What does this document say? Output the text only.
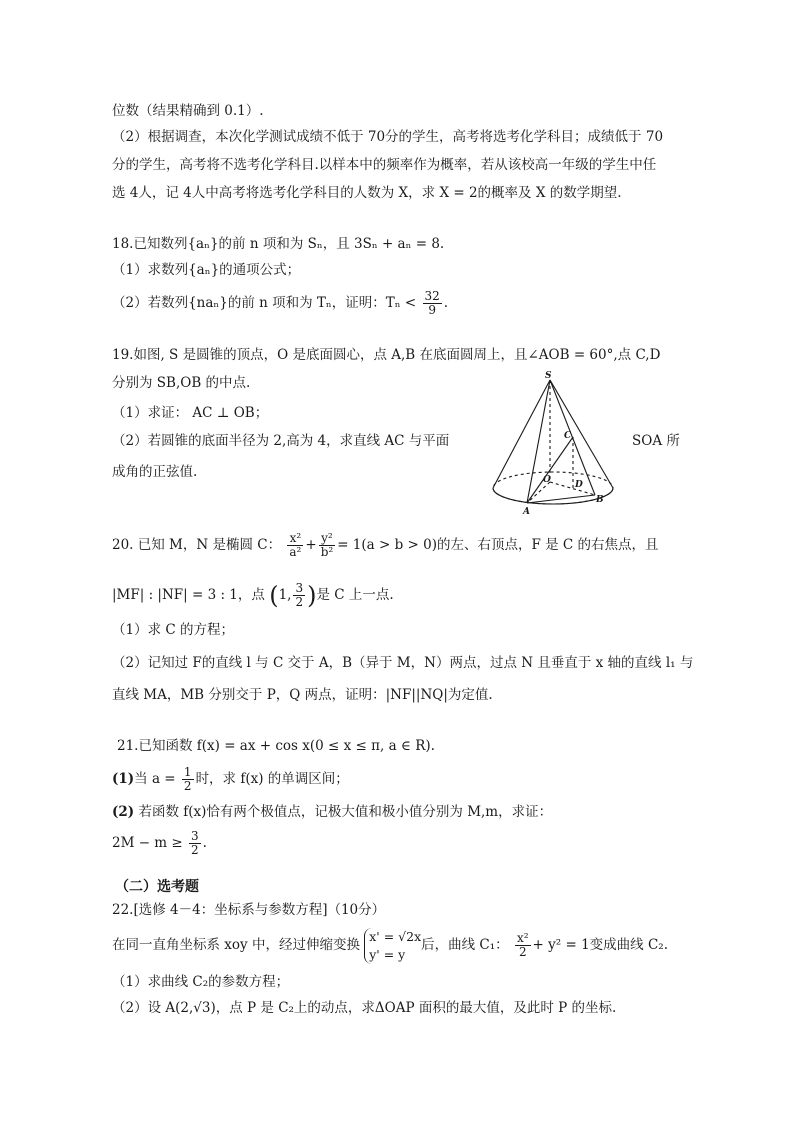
位数（结果精确到 0.1）.
（2）根据调查，本次化学测试成绩不低于 70分的学生，高考将选考化学科目；成绩低于 70
分的学生，高考将不选考化学科目.以样本中的频率作为概率，若从该校高一年级的学生中任
选 4人，记 4人中高考将选考化学科目的人数为 X，求 X = 2的概率及 X 的数学期望.
18.已知数列{aₙ}的前 n 项和为 Sₙ，且 3Sₙ + aₙ = 8.
（1）求数列{aₙ}的通项公式；
（2）若数列{naₙ}的前 n 项和为 Tₙ，证明：$T_n < \frac{32}{9}$ .
19.如图, S 是圆锥的顶点，O 是底面圆心，点 A,B 在底面圆周上，且∠AOB = 60°,点 C,D
分别为 SB,OB 的中点.
（1）求证： AC ⊥ OB；
（2）若圆锥的底面半径为 2,高为 4，求直线 AC 与平面	SOA 所
成角的正弦值.
S
C
O	D
A
B
20. 已知 M，N 是椭圆 C： $\frac{\text{x²}}{\text{a²}} + \frac{\text{y²}}{\text{b²}} = 1(a > b > 0)$的左、右顶点，F 是 C 的右焦点，且
|MF| : |NF| = 3 : 1，点 (1, $\frac{3}{2}$ )是 C 上一点.
（1）求 C 的方程；
（2）记知过 F的直线 l 与 C 交于 A，B（异于 M，N）两点，过点 N 且垂直于 x 轴的直线 l₁ 与
直线 MA，MB 分别交于 P，Q 两点，证明：|NF||NQ|为定值.
21.已知函数 f(x) = ax + cos x(0 ≤ x ≤ π, a ∈ R).
(1)当 $a = \frac{1}{2}$ 时，求 f(x) 的单调区间；
(2) 若函数 f(x)恰有两个极值点，记极大值和极小值分别为 M,m，求证：
$2M - m \ge \frac{3}{2}$ .
（二）选考题
22.[选修 4－4：坐标系与参数方程]（10分）
在同一直角坐标系 xoy 中，经过伸缩变换
x' = √2x
y' = y
后，曲线 C₁： $\frac{\text{x²}}{2} + y^2 = 1$变成曲线 C₂.
（1）求曲线 C₂的参数方程；
（2）设 A(2,√3)，点 P 是 C₂上的动点，求ΔOAP 面积的最大值，及此时 P 的坐标.
